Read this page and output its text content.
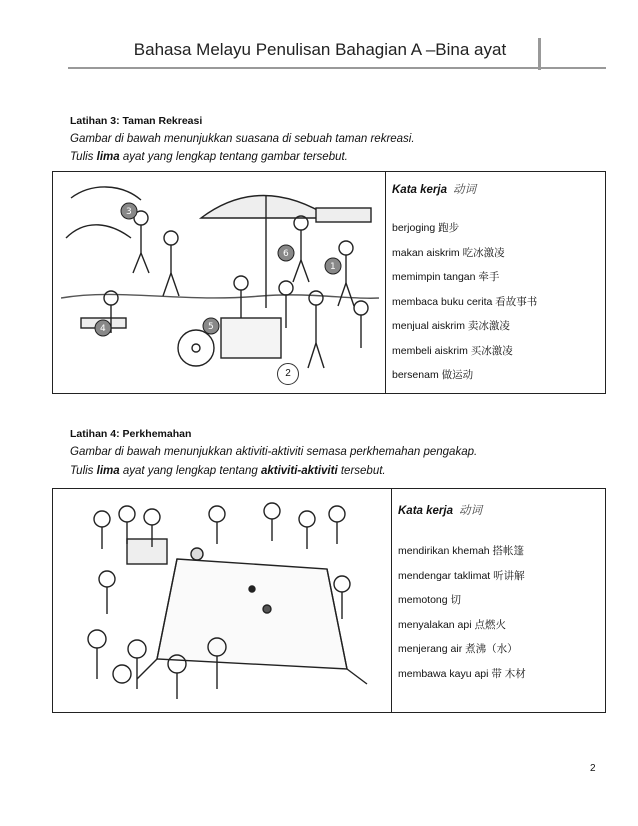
Bahasa Melayu Penulisan Bahagian A –Bina ayat
Latihan 3: Taman Rekreasi
Gambar di bawah menunjukkan suasana di sebuah taman rekreasi.
Tulis lima ayat yang lengkap tentang gambar tersebut.
3
4	5
6
1
2
Kata kerja 动词
berjoging 跑步
makan aiskrim 吃冰激凌
memimpin tangan 牵手
membaca buku cerita 看故事书
menjual aiskrim 卖冰激凌
membeli aiskrim 买冰激凌
bersenam 做运动
Latihan 4: Perkhemahan
Gambar di bawah menunjukkan aktiviti-aktiviti semasa perkhemahan pengakap.
Tulis lima ayat yang lengkap tentang aktiviti-aktiviti tersebut.
Kata kerja 动词
mendirikan khemah 搭帐篷
mendengar taklimat 听讲解
memotong 切
menyalakan api 点燃火
menjerang air 煮沸（水）
membawa kayu api 带 木材
2
